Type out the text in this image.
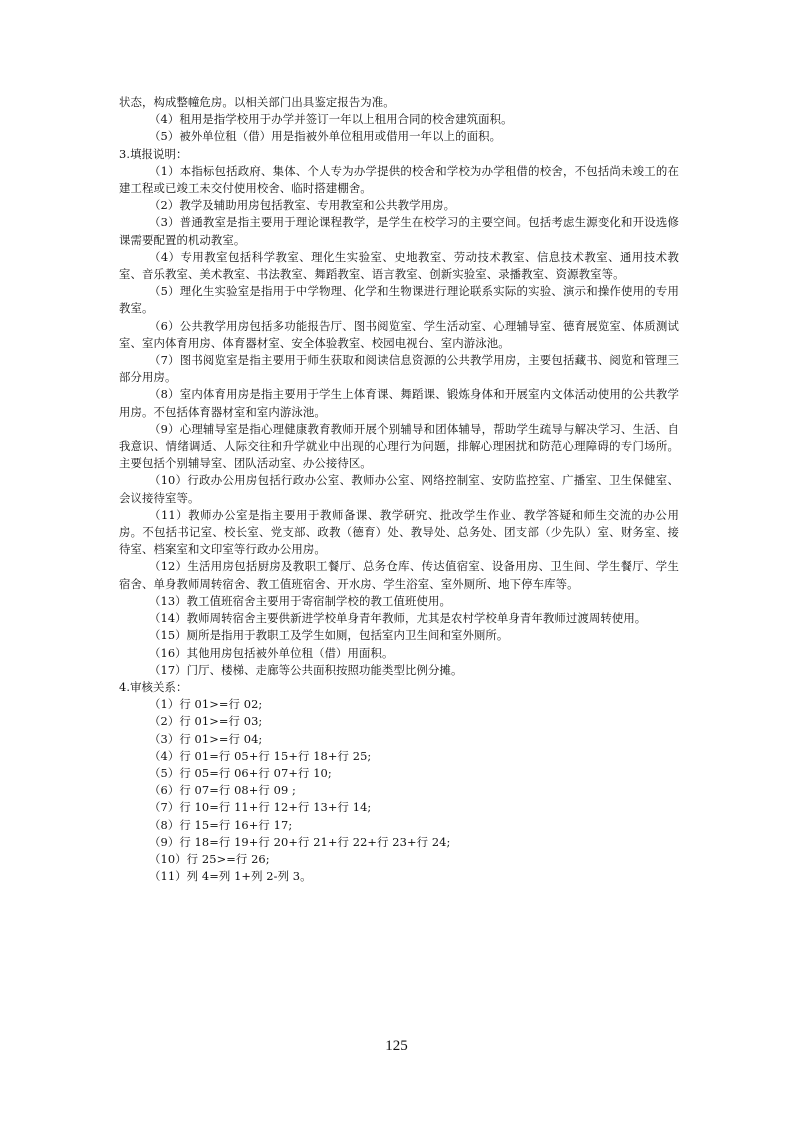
状态，构成整幢危房。以相关部门出具鉴定报告为准。

（4）租用是指学校用于办学并签订一年以上租用合同的校舍建筑面积。

（5）被外单位租（借）用是指被外单位租用或借用一年以上的面积。

3.填报说明：

（1）本指标包括政府、集体、个人专为办学提供的校舍和学校为办学租借的校舍，不包括尚未竣工的在建工程或已竣工未交付使用校舍、临时搭建棚舍。

（2）教学及辅助用房包括教室、专用教室和公共教学用房。

（3）普通教室是指主要用于理论课程教学，是学生在校学习的主要空间。包括考虑生源变化和开设选修课需要配置的机动教室。

（4）专用教室包括科学教室、理化生实验室、史地教室、劳动技术教室、信息技术教室、通用技术教室、音乐教室、美术教室、书法教室、舞蹈教室、语言教室、创新实验室、录播教室、资源教室等。

（5）理化生实验室是指用于中学物理、化学和生物课进行理论联系实际的实验、演示和操作使用的专用教室。

（6）公共教学用房包括多功能报告厅、图书阅览室、学生活动室、心理辅导室、德育展览室、体质测试室、室内体育用房、体育器材室、安全体验教室、校园电视台、室内游泳池。

（7）图书阅览室是指主要用于师生获取和阅读信息资源的公共教学用房，主要包括藏书、阅览和管理三部分用房。

（8）室内体育用房是指主要用于学生上体育课、舞蹈课、锻炼身体和开展室内文体活动使用的公共教学用房。不包括体育器材室和室内游泳池。

（9）心理辅导室是指心理健康教育教师开展个别辅导和团体辅导，帮助学生疏导与解决学习、生活、自我意识、情绪调适、人际交往和升学就业中出现的心理行为问题，排解心理困扰和防范心理障碍的专门场所。主要包括个别辅导室、团队活动室、办公接待区。

（10）行政办公用房包括行政办公室、教师办公室、网络控制室、安防监控室、广播室、卫生保健室、会议接待室等。

（11）教师办公室是指主要用于教师备课、教学研究、批改学生作业、教学答疑和师生交流的办公用房。不包括书记室、校长室、党支部、政教（德育）处、教导处、总务处、团支部（少先队）室、财务室、接待室、档案室和文印室等行政办公用房。

（12）生活用房包括厨房及教职工餐厅、总务仓库、传达值宿室、设备用房、卫生间、学生餐厅、学生宿舍、单身教师周转宿舍、教工值班宿舍、开水房、学生浴室、室外厕所、地下停车库等。

（13）教工值班宿舍主要用于寄宿制学校的教工值班使用。

（14）教师周转宿舍主要供新进学校单身青年教师，尤其是农村学校单身青年教师过渡周转使用。

（15）厕所是指用于教职工及学生如厕，包括室内卫生间和室外厕所。

（16）其他用房包括被外单位租（借）用面积。

（17）门厅、楼梯、走廊等公共面积按照功能类型比例分摊。

4.审核关系：

（1）行 01>=行 02;

（2）行 01>=行 03;

（3）行 01>=行 04;

（4）行 01=行 05+行 15+行 18+行 25;

（5）行 05=行 06+行 07+行 10;

（6）行 07=行 08+行 09 ;

（7）行 10=行 11+行 12+行 13+行 14;

（8）行 15=行 16+行 17;

（9）行 18=行 19+行 20+行 21+行 22+行 23+行 24;

（10）行 25>=行 26;

（11）列 4=列 1+列 2-列 3。

125
